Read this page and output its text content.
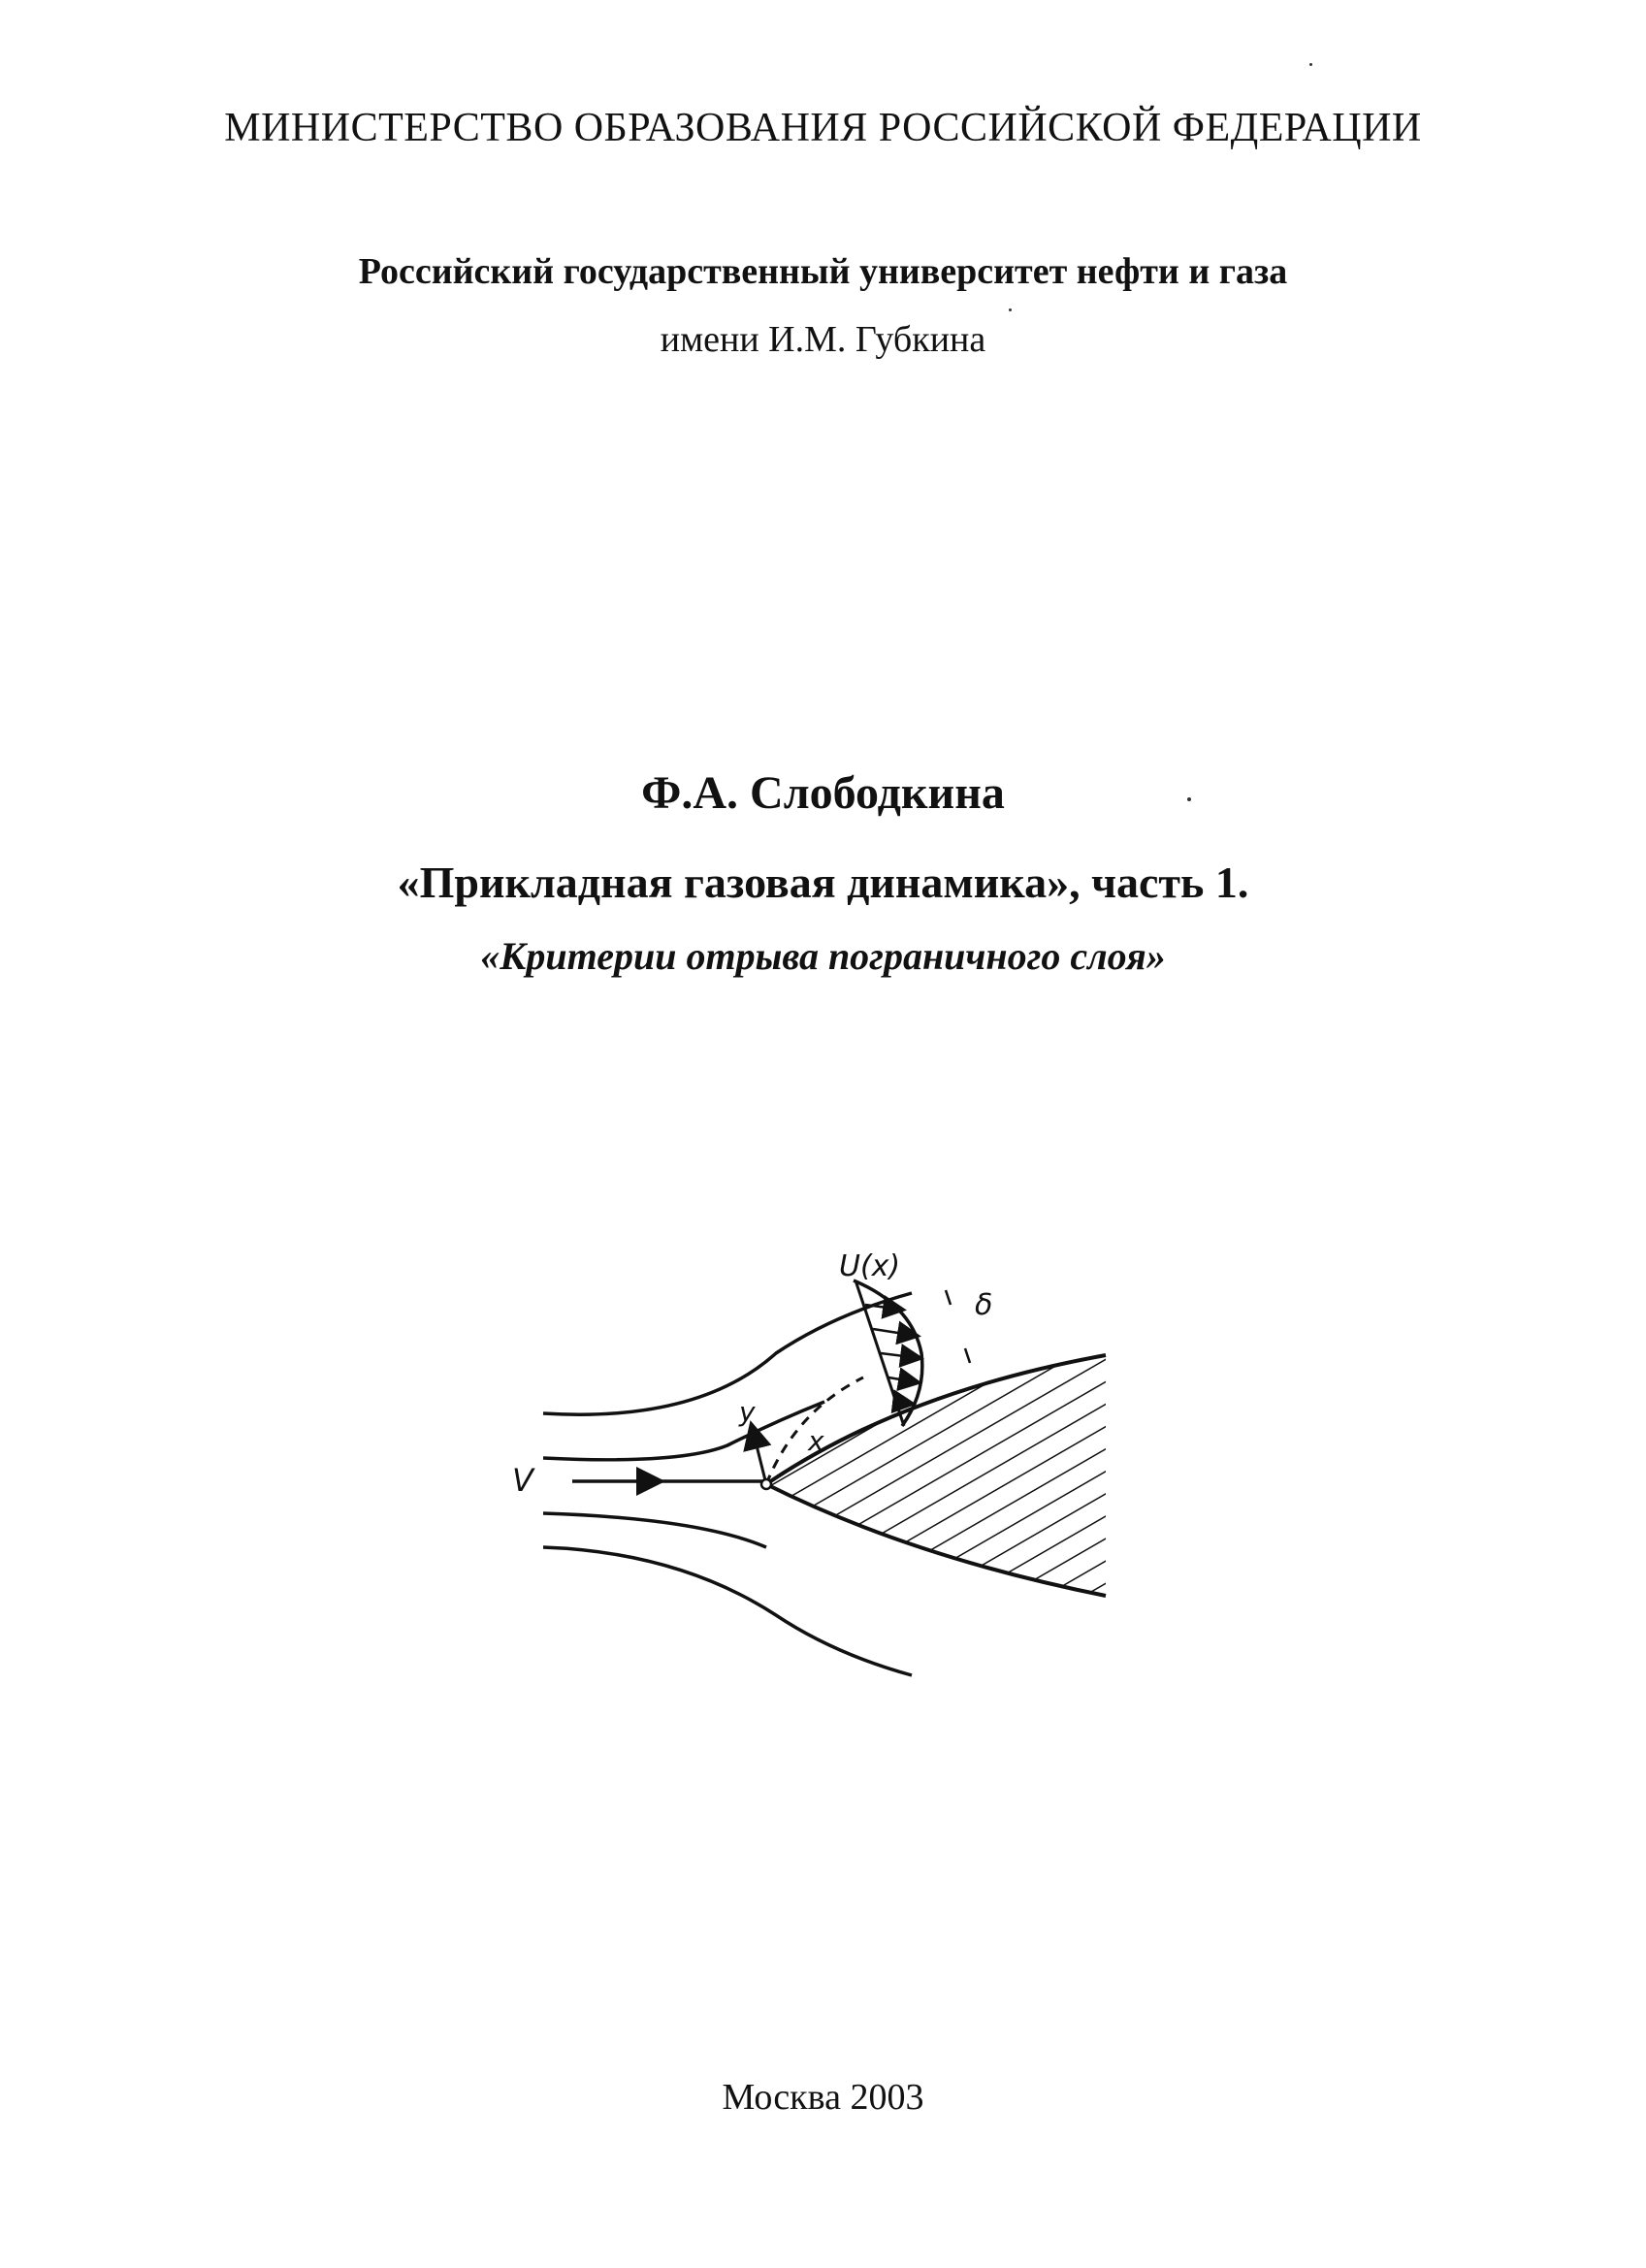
МИНИСТЕРСТВО ОБРАЗОВАНИЯ РОССИЙСКОЙ ФЕДЕРАЦИИ
Российский государственный университет нефти и газа
имени И.М. Губкина
Ф.А. Слободкина
«Прикладная газовая динамика», часть 1.
«Критерии отрыва пограничного слоя»
U(x)
δ
y
x
V
Москва 2003
